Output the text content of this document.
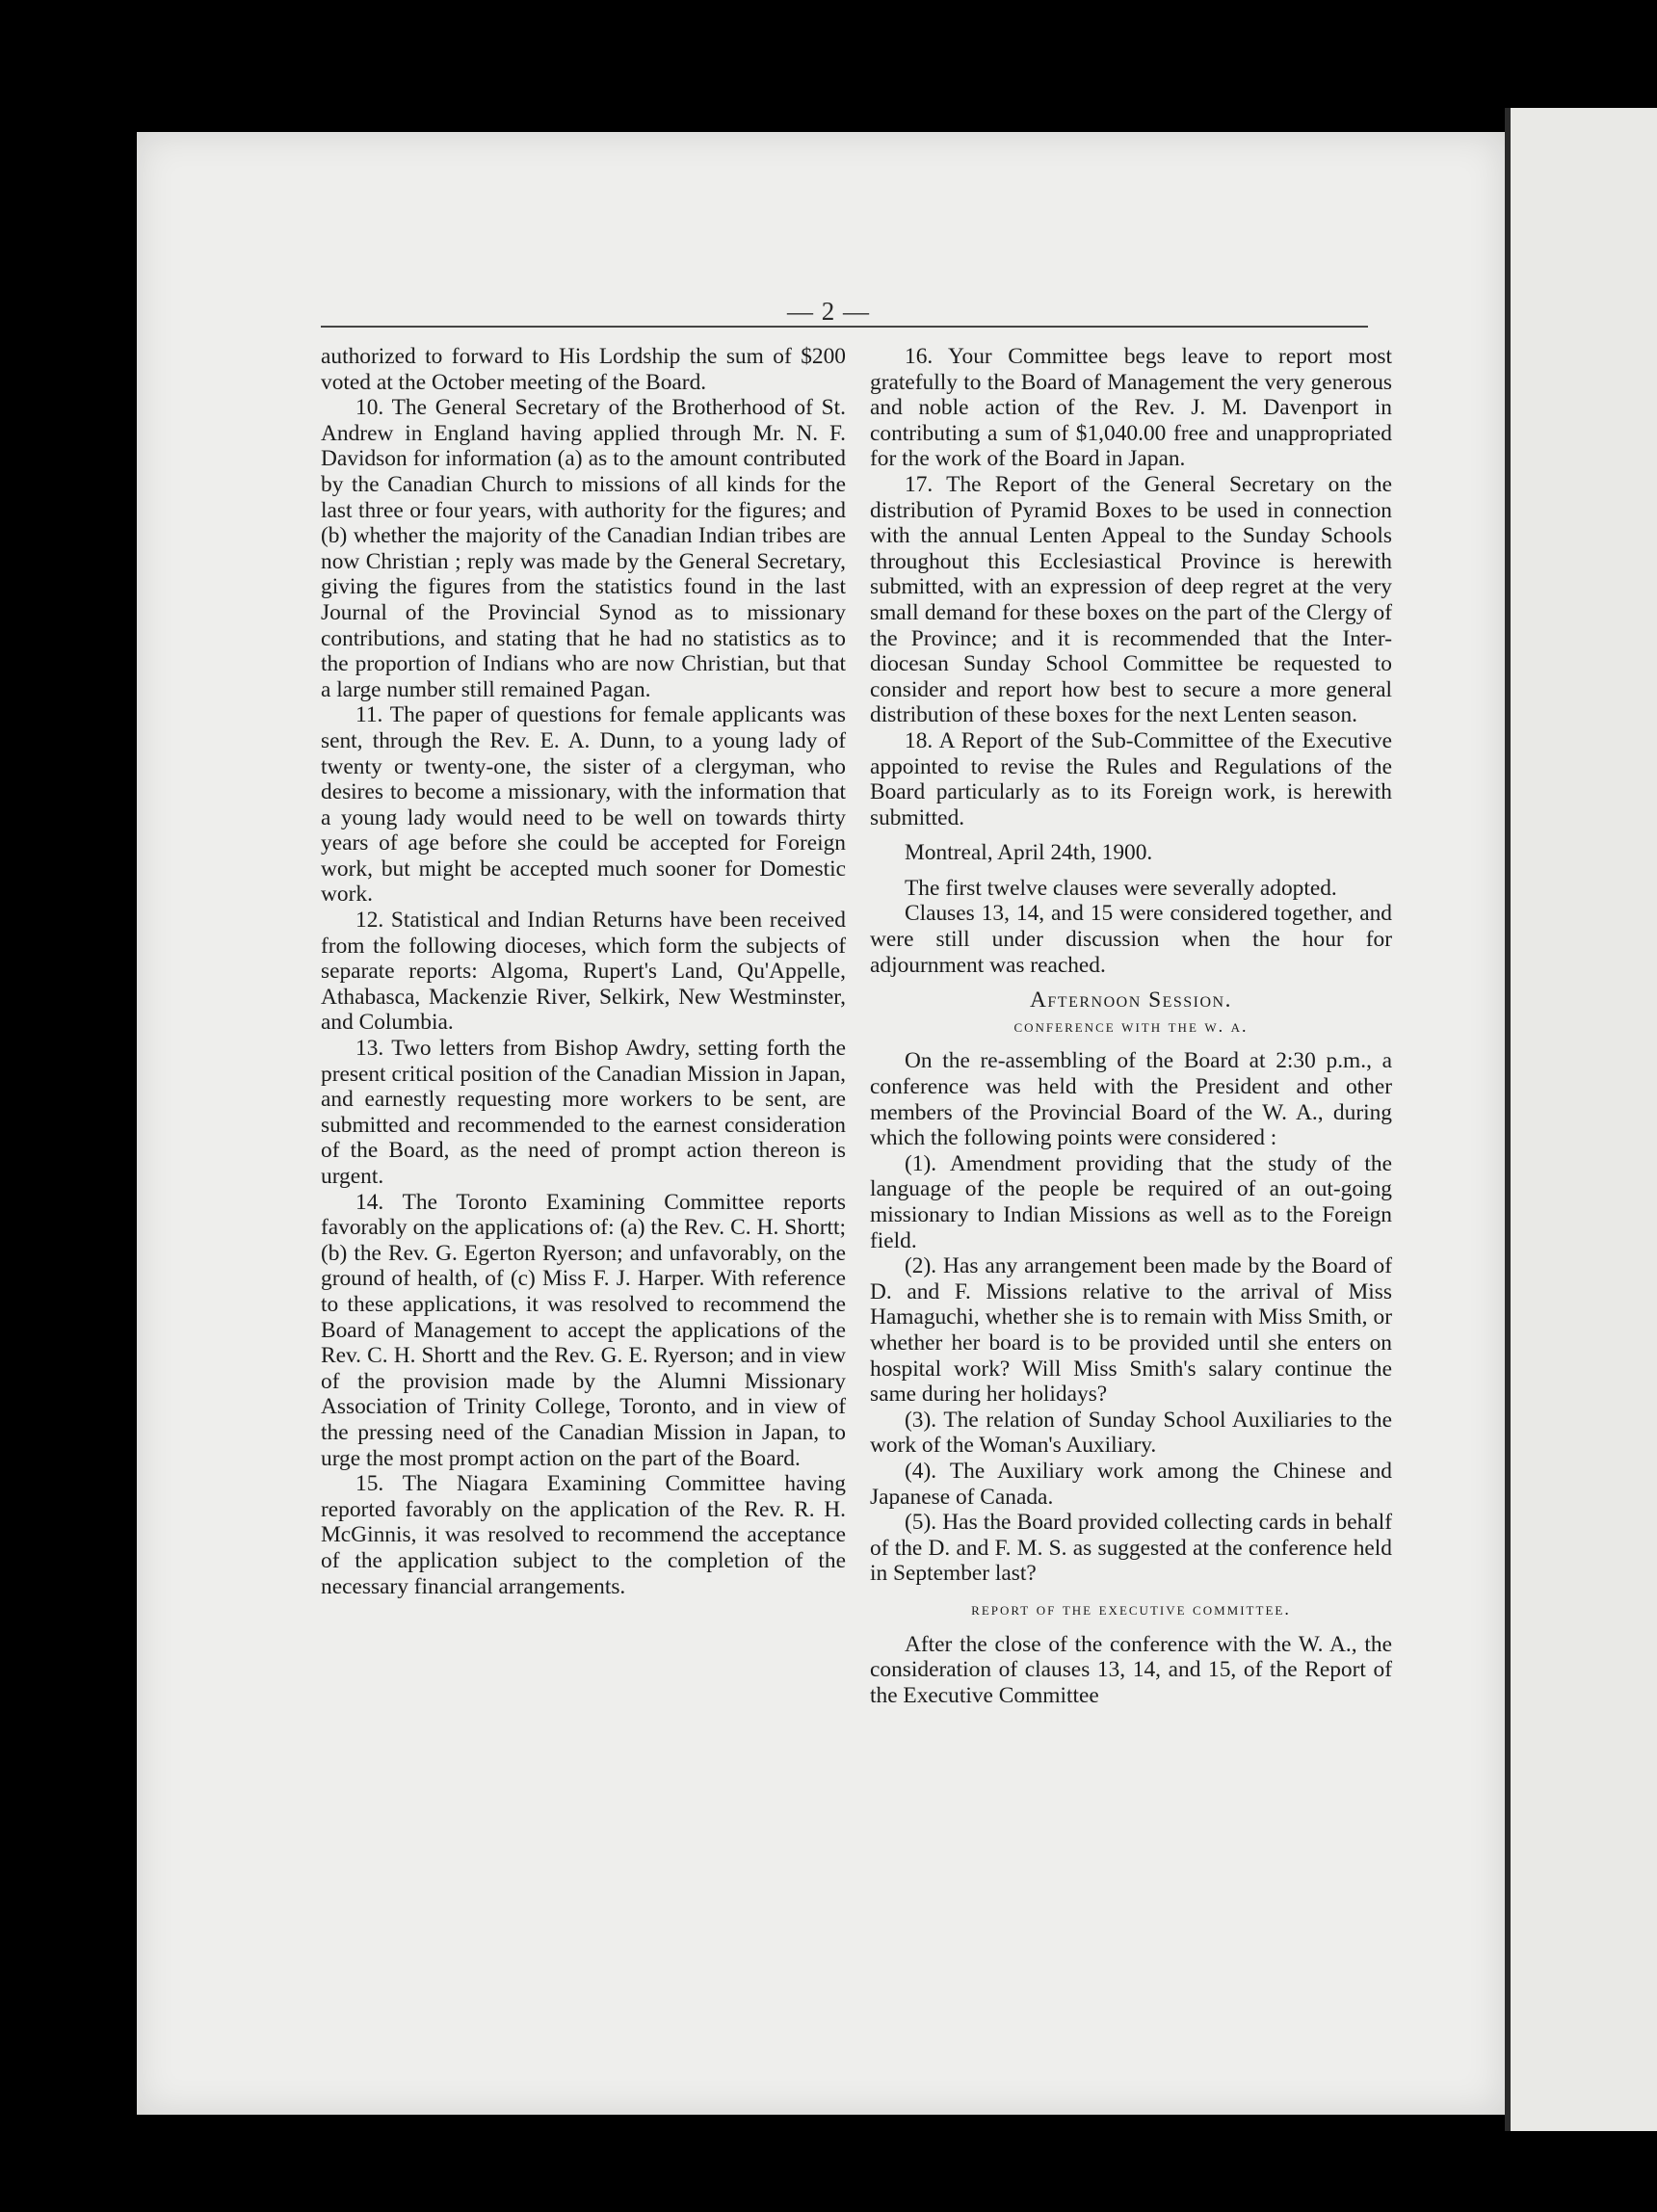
— 2 —

authorized to forward to His Lordship the sum of $200 voted at the October meeting of the Board.

10. The General Secretary of the Brotherhood of St. Andrew in England having applied through Mr. N. F. Davidson for information (a) as to the amount contributed by the Canadian Church to missions of all kinds for the last three or four years, with authority for the figures; and (b) whether the majority of the Canadian Indian tribes are now Christian ; reply was made by the General Secretary, giving the figures from the statistics found in the last Journal of the Provincial Synod as to missionary contributions, and stating that he had no statistics as to the proportion of Indians who are now Christian, but that a large number still remained Pagan.

11. The paper of questions for female applicants was sent, through the Rev. E. A. Dunn, to a young lady of twenty or twenty-one, the sister of a clergyman, who desires to become a missionary, with the information that a young lady would need to be well on towards thirty years of age before she could be accepted for Foreign work, but might be accepted much sooner for Domestic work.

12. Statistical and Indian Returns have been received from the following dioceses, which form the subjects of separate reports: Algoma, Rupert's Land, Qu'Appelle, Athabasca, Mackenzie River, Selkirk, New Westminster, and Columbia.

13. Two letters from Bishop Awdry, setting forth the present critical position of the Canadian Mission in Japan, and earnestly requesting more workers to be sent, are submitted and recommended to the earnest consideration of the Board, as the need of prompt action thereon is urgent.

14. The Toronto Examining Committee reports favorably on the applications of: (a) the Rev. C. H. Shortt; (b) the Rev. G. Egerton Ryerson; and unfavorably, on the ground of health, of (c) Miss F. J. Harper. With reference to these applications, it was resolved to recommend the Board of Management to accept the applications of the Rev. C. H. Shortt and the Rev. G. E. Ryerson; and in view of the provision made by the Alumni Missionary Association of Trinity College, Toronto, and in view of the pressing need of the Canadian Mission in Japan, to urge the most prompt action on the part of the Board.

15. The Niagara Examining Committee having reported favorably on the application of the Rev. R. H. McGinnis, it was resolved to recommend the acceptance of the application subject to the completion of the necessary financial arrangements.

16. Your Committee begs leave to report most gratefully to the Board of Management the very generous and noble action of the Rev. J. M. Davenport in contributing a sum of $1,040.00 free and unappropriated for the work of the Board in Japan.

17. The Report of the General Secretary on the distribution of Pyramid Boxes to be used in connection with the annual Lenten Appeal to the Sunday Schools throughout this Ecclesiastical Province is herewith submitted, with an expression of deep regret at the very small demand for these boxes on the part of the Clergy of the Province; and it is recommended that the Inter-diocesan Sunday School Committee be requested to consider and report how best to secure a more general distribution of these boxes for the next Lenten season.

18. A Report of the Sub-Committee of the Executive appointed to revise the Rules and Regulations of the Board particularly as to its Foreign work, is herewith submitted.

Montreal, April 24th, 1900.

The first twelve clauses were severally adopted.

Clauses 13, 14, and 15 were considered together, and were still under discussion when the hour for adjournment was reached.

Afternoon Session.

conference with the w. a.

On the re-assembling of the Board at 2:30 p.m., a conference was held with the President and other members of the Provincial Board of the W. A., during which the following points were considered :

(1). Amendment providing that the study of the language of the people be required of an out-going missionary to Indian Missions as well as to the Foreign field.

(2). Has any arrangement been made by the Board of D. and F. Missions relative to the arrival of Miss Hamaguchi, whether she is to remain with Miss Smith, or whether her board is to be provided until she enters on hospital work? Will Miss Smith's salary continue the same during her holidays?

(3). The relation of Sunday School Auxiliaries to the work of the Woman's Auxiliary.

(4). The Auxiliary work among the Chinese and Japanese of Canada.

(5). Has the Board provided collecting cards in behalf of the D. and F. M. S. as suggested at the conference held in September last?

report of the executive committee.

After the close of the conference with the W. A., the consideration of clauses 13, 14, and 15, of the Report of the Executive Committee
